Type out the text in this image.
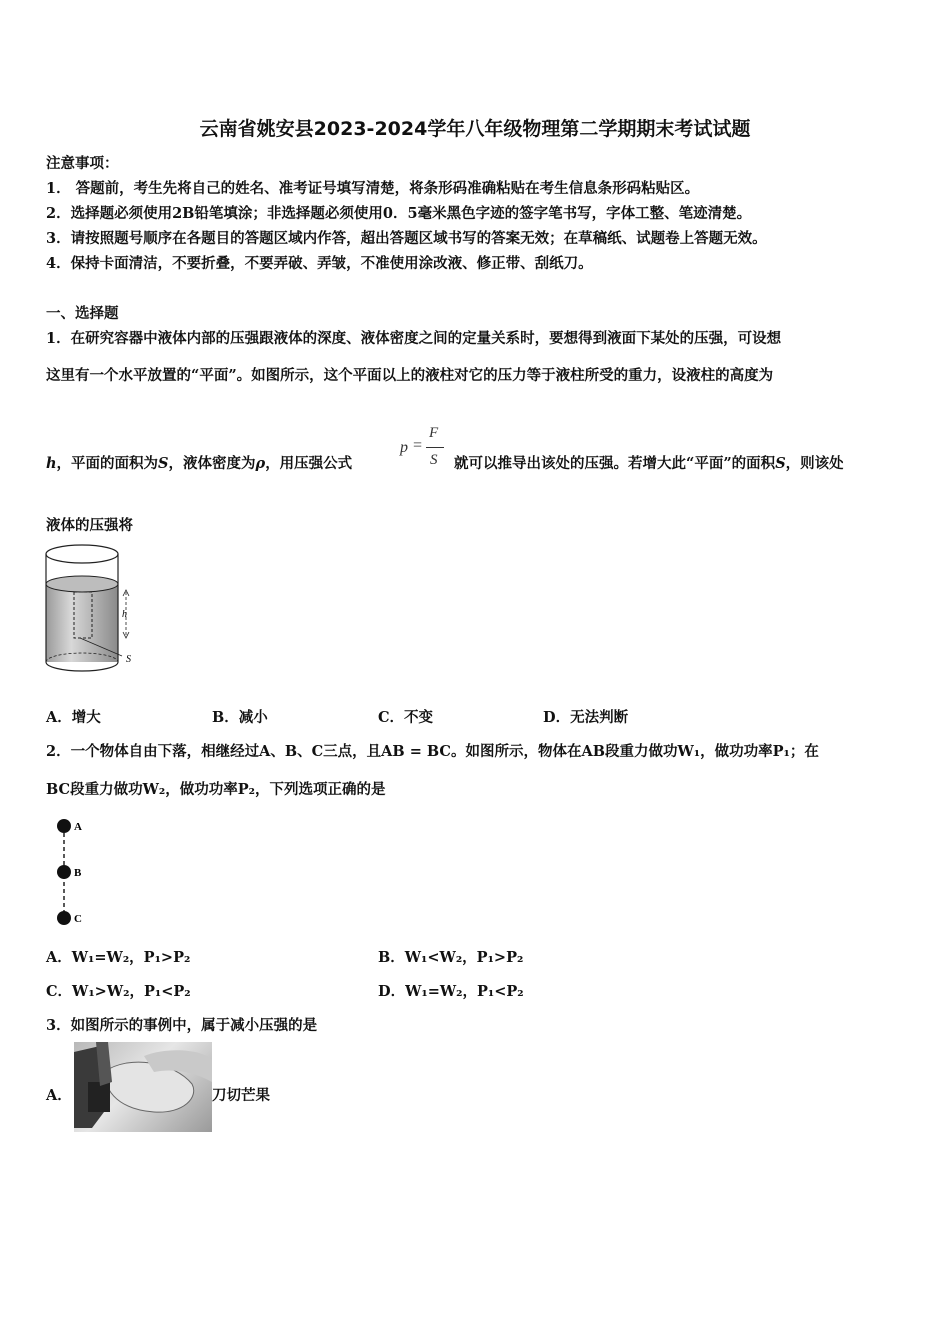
云南省姚安县2023-2024学年八年级物理第二学期期末考试试题
注意事项：
1． 答题前，考生先将自己的姓名、准考证号填写清楚，将条形码准确粘贴在考生信息条形码粘贴区。
2．选择题必须使用2B铅笔填涂；非选择题必须使用0．5毫米黑色字迹的签字笔书写，字体工整、笔迹清楚。
3．请按照题号顺序在各题目的答题区域内作答，超出答题区域书写的答案无效；在草稿纸、试题卷上答题无效。
4．保持卡面清洁，不要折叠，不要弄破、弄皱，不准使用涂改液、修正带、刮纸刀。
一、选择题
1．在研究容器中液体内部的压强跟液体的深度、液体密度之间的定量关系时，要想得到液面下某处的压强，可设想
这里有一个水平放置的“平面”。如图所示，这个平面以上的液柱对它的压力等于液柱所受的重力，设液柱的高度为
h，平面的面积为S，液体密度为ρ，用压强公式
p =
F
S 就可以推导出该处的压强。若增大此“平面”的面积S，则该处
液体的压强将
h
S
A．增大	B．减小	C．不变	D．无法判断
2．一个物体自由下落，相继经过A、B、C三点，且AB = BC。如图所示，物体在AB段重力做功W₁，做功功率P₁；在
BC段重力做功W₂，做功功率P₂，下列选项正确的是
A
B
C
A．W₁=W₂，P₁>P₂	B．W₁<W₂，P₁>P₂
C．W₁>W₂，P₁<P₂	D．W₁=W₂，P₁<P₂
3．如图所示的事例中，属于减小压强的是
A．	刀切芒果
